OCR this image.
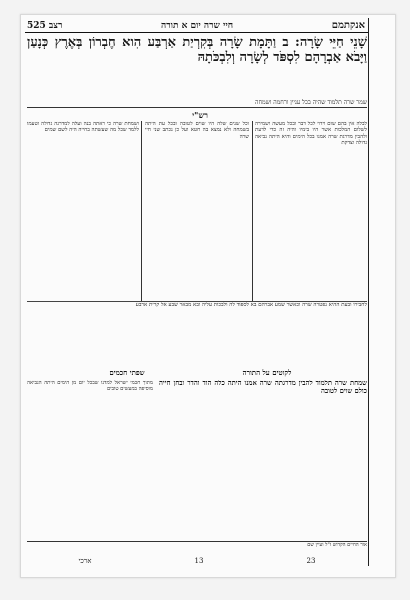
525 רצב	חיי שרה יום א תורה	אנקתמם
שָׁנֵי חַיֵּי שָׂרָה: ב וַתָּמָת שָׂרָה בְּקִרְיַת אַרְבַּע הִוא חֶבְרוֹן בְּאֶרֶץ כְּנָעַן וַיָּבֹא אַבְרָהָם לִסְפֹּד לְשָׂרָה וְלִבְכֹּתָהּ
שמר שרה תלמוד שהיה בכל עניין ורחמה ושמחה
רש"י
לבלה אין בהם שום וידוי לכל דבר ובכל מעשה ושמירה לשלום המלכות אשר היו בימיו והיה זה כדי לדעת ולהבין מדרגת שרה אמנו בכל הימים והיא היתה נביאה גדולה וצדקת
וכל שנים שלה היו שוים לטובה ובכל עת היתה בשמחה ולא נמצא בה חטא ועל כן נכתב שני חיי שרה
ושמחת שרה כי ראתה בנה ועלה למדרגה גדולה וטעמו ללמד שכל מה שעשתה בחייה היה לשם שמים
לחבירו ובעת ההיא נפטרה שרה וכאשר שמע אברהם בא לספוד לה ולבכות עליה ובא מבאר שבע אל קרית ארבע
לקוטים על התורה
שפתי חכמים
שמחת שרה תלמוד להבין מדרגתה שרה אמנו היתה כלה הוד והדר ובחן חייה כולם שוים לטובה
מתוך חכמי ישראל למדנו שבכל יום מן הימים היתה הנביאה מוסיפה במעשים טובים
אור החיים הקדוש ז"ל ועיין שם
23
13
ארכי
